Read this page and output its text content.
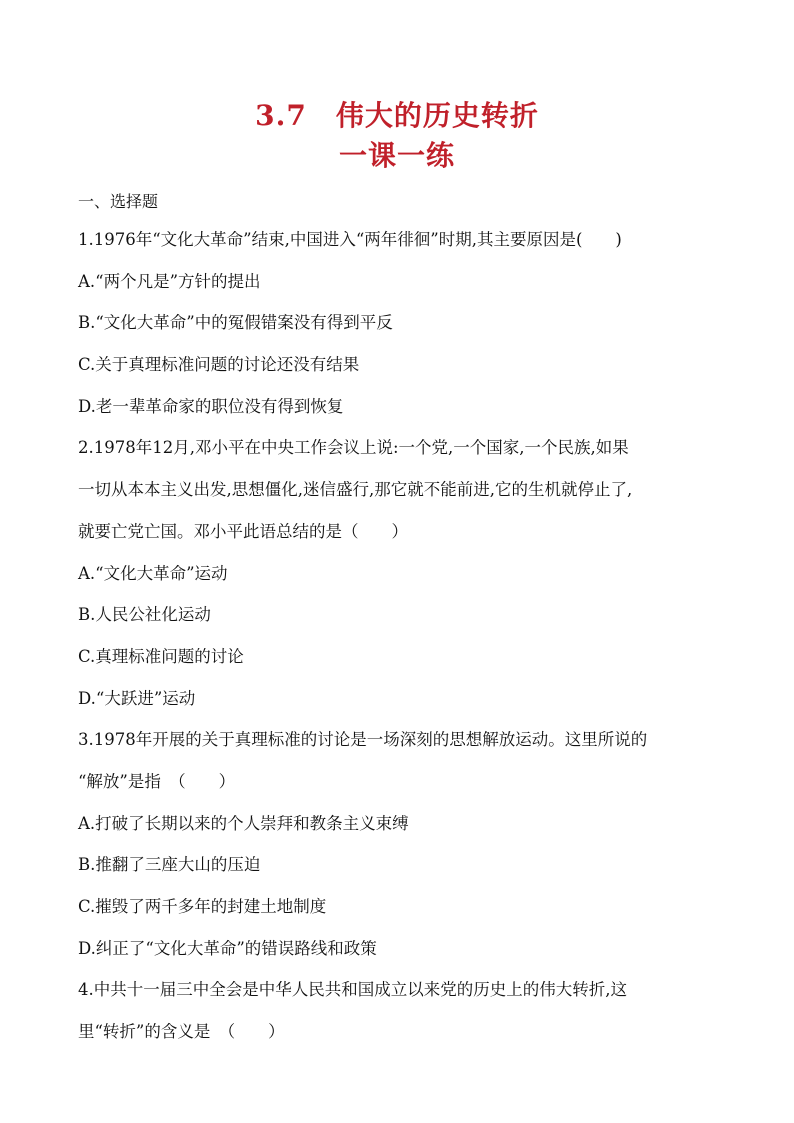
3.7　伟大的历史转折
一课一练
一、选择题
1.1976年“文化大革命”结束,中国进入“两年徘徊”时期,其主要原因是(　　)
A.“两个凡是”方针的提出
B.“文化大革命”中的冤假错案没有得到平反
C.关于真理标准问题的讨论还没有结果
D.老一辈革命家的职位没有得到恢复
2.1978年12月,邓小平在中央工作会议上说:一个党,一个国家,一个民族,如果
一切从本本主义出发,思想僵化,迷信盛行,那它就不能前进,它的生机就停止了,
就要亡党亡国。邓小平此语总结的是（　　）
A.“文化大革命”运动
B.人民公社化运动
C.真理标准问题的讨论
D.“大跃进”运动
3.1978年开展的关于真理标准的讨论是一场深刻的思想解放运动。这里所说的
“解放”是指　（　　）
A.打破了长期以来的个人崇拜和教条主义束缚
B.推翻了三座大山的压迫
C.摧毁了两千多年的封建土地制度
D.纠正了“文化大革命”的错误路线和政策
4.中共十一届三中全会是中华人民共和国成立以来党的历史上的伟大转折,这
里“转折”的含义是　（　　）
